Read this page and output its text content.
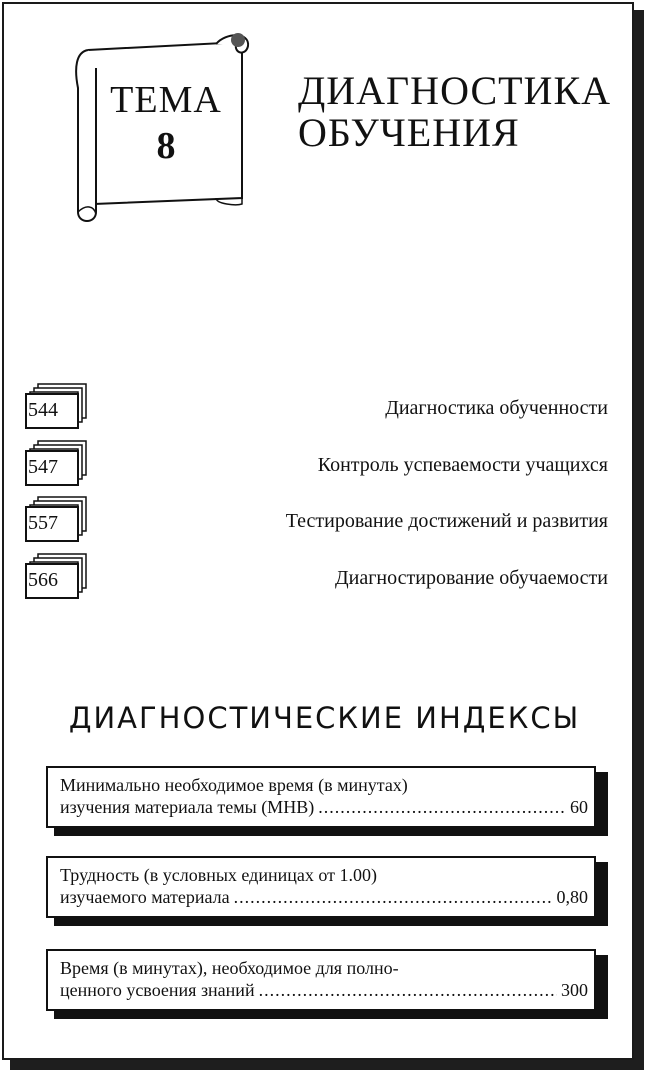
ТЕМА
8
ДИАГНОСТИКА
ОБУЧЕНИЯ
544	Диагностика обученности
547	Контроль успеваемости учащихся
557	Тестирование достижений и развития
566	Диагностирование обучаемости
ДИАГНОСТИЧЕСКИЕ ИНДЕКСЫ
Минимально необходимое время (в минутах)
изучения материала темы (МНВ) .....	60
Трудность (в условных единицах от 1.00)
изучаемого материала .....	0,80
Время (в минутах), необходимое для полно-
ценного усвоения знаний .....	300
